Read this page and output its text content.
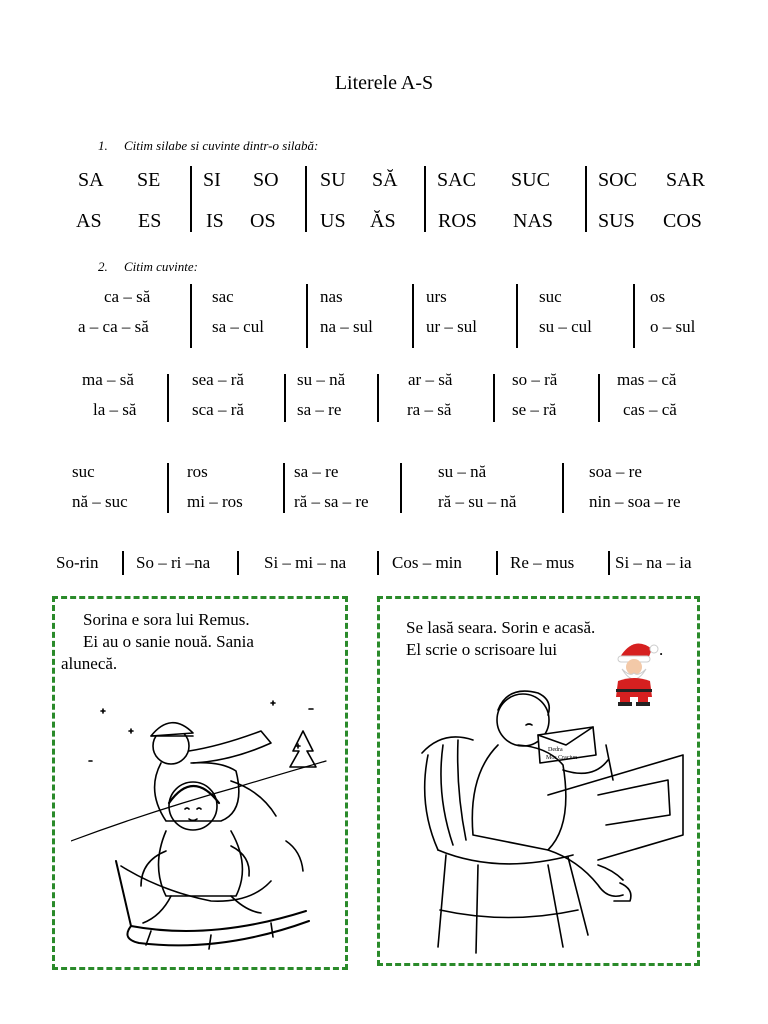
Literele A-S
1. Citim silabe si cuvinte dintr-o silabă:
SA SE SI SO SU SĂ SAC SUC SOC SAR
AS ES IS OS US ĂS ROS NAS SUS COS
2. Citim cuvinte:
ca – să	sac	nas	urs	suc	os
a – ca – să	sa – cul	na – sul	ur – sul	su – cul	o – sul
ma – să	sea – ră	su – nă	ar – să	so – ră	mas – că
la – să	sca – ră	sa – re	ra – să	se – ră	cas – că
suc	ros	sa – re	su – nă	soa – re
nă – suc	mi – ros	ră – sa – re	ră – su – nă	nin – soa – re
So-rin So – ri –na	Si – mi – na	Cos – min	Re – mus Si – na – ia
Sorina e sora lui Remus.
Ei au o sanie nouă. Sania
alunecă.
Se lasă seara. Sorin e acasă.
El scrie o scrisoare lui	.
Dedra
Mos Craciun
